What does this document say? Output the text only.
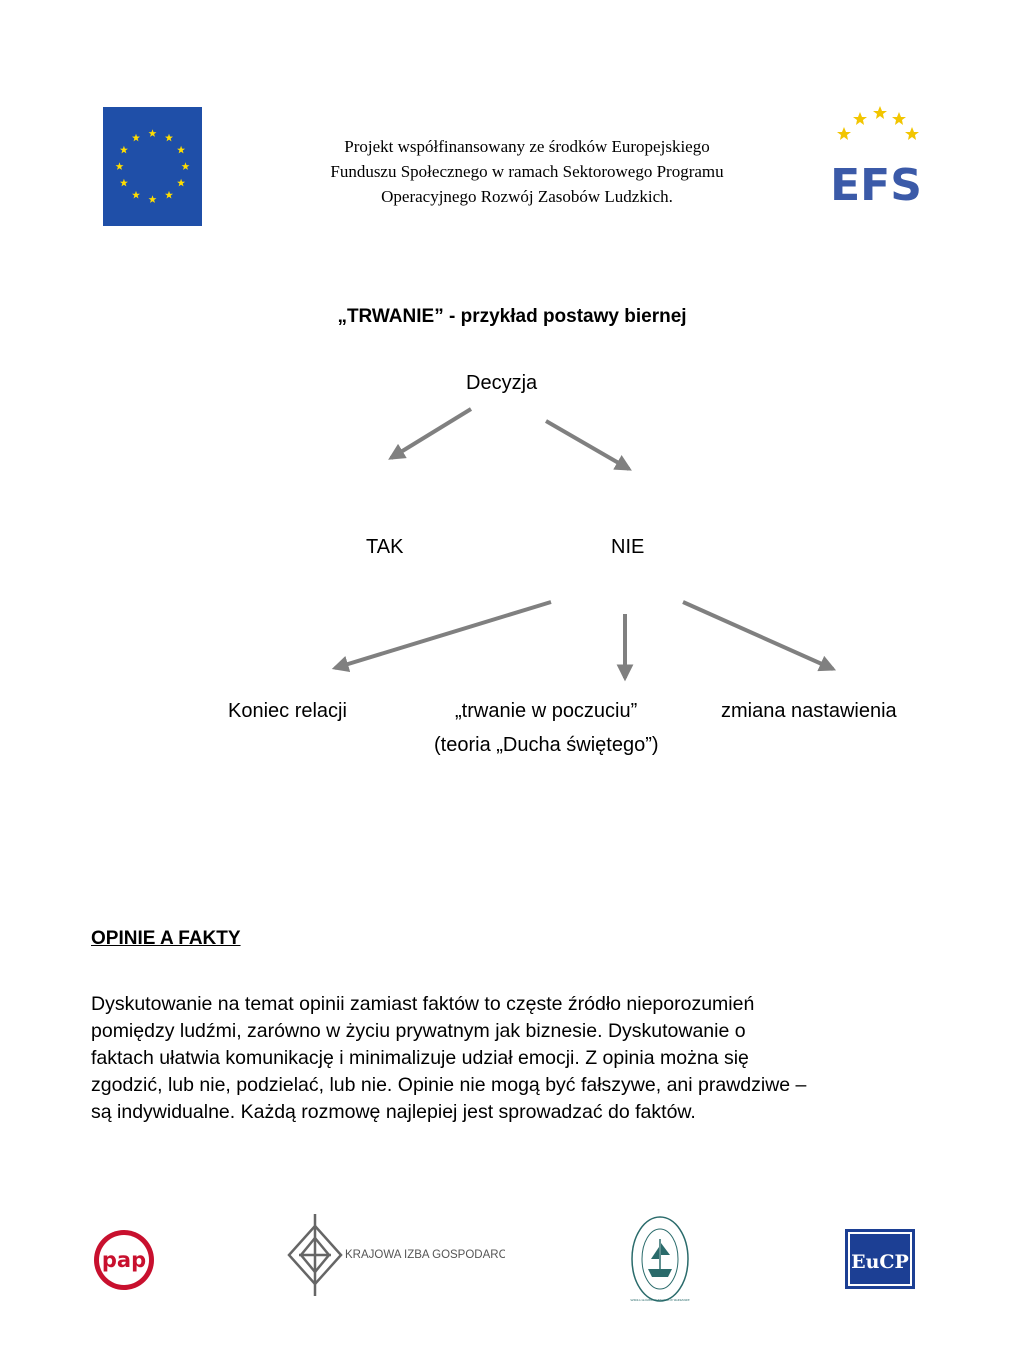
Projekt współfinansowany ze środków Europejskiego
Funduszu Społecznego w ramach Sektorowego Programu
Operacyjnego Rozwój Zasobów Ludzkich.	EFS
„TRWANIE” - przykład postawy biernej
Decyzja
TAK	NIE
Koniec relacji	„trwanie w poczuciu”
(teoria „Ducha świętego”)
zmiana nastawienia
OPINIE A FAKTY
Dyskutowanie na temat opinii zamiast faktów to częste źródło nieporozumień
pomiędzy ludźmi, zarówno w życiu prywatnym jak biznesie. Dyskutowanie o
faktach ułatwia komunikację i minimalizuje udział emocji. Z opinia można się
zgodzić, lub nie, podzielać, lub nie. Opinie nie mogą być fałszywe, ani prawdziwe –
są indywidualne. Każdą rozmowę najlepiej jest sprowadzać do faktów.
pap	KRAJOWA IZBA GOSPODARCZA
SZKOŁA GŁÓWNA HANDLOWA W WARSZAWIE
EuCP
